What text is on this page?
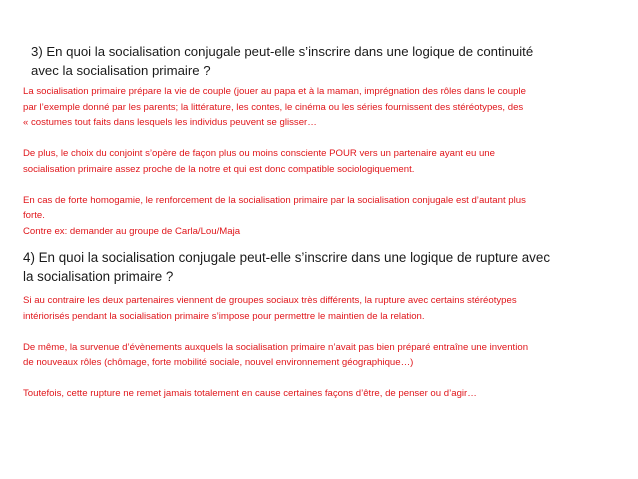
3) En quoi la socialisation conjugale peut-elle s’inscrire dans une logique de continuité
avec la socialisation primaire ?

La socialisation primaire prépare la vie de couple (jouer au papa et à la maman, imprégnation des rôles dans le couple

par l’exemple donné par les parents; la littérature, les contes, le cinéma ou les séries fournissent des stéréotypes, des

« costumes tout faits dans lesquels les individus peuvent se glisser…

De plus, le choix du conjoint s’opère de façon plus ou moins consciente POUR vers un partenaire ayant eu une

socialisation primaire assez proche de la notre et qui est donc compatible sociologiquement.

En cas de forte homogamie, le renforcement de la socialisation primaire par la socialisation conjugale est d’autant plus

forte.

Contre ex: demander au groupe de Carla/Lou/Maja

4) En quoi la socialisation conjugale peut-elle s’inscrire dans une logique de rupture avec
la socialisation primaire ?

Si au contraire les deux partenaires viennent de groupes sociaux très différents, la rupture avec certains stéréotypes

intériorisés pendant la socialisation primaire s’impose pour permettre le maintien de la relation.

De même, la survenue d’évènements auxquels la socialisation primaire n’avait pas bien préparé entraîne une invention

de nouveaux rôles (chômage, forte mobilité sociale, nouvel environnement géographique…)

Toutefois, cette rupture ne remet jamais totalement en cause certaines façons d’être, de penser ou d’agir…
